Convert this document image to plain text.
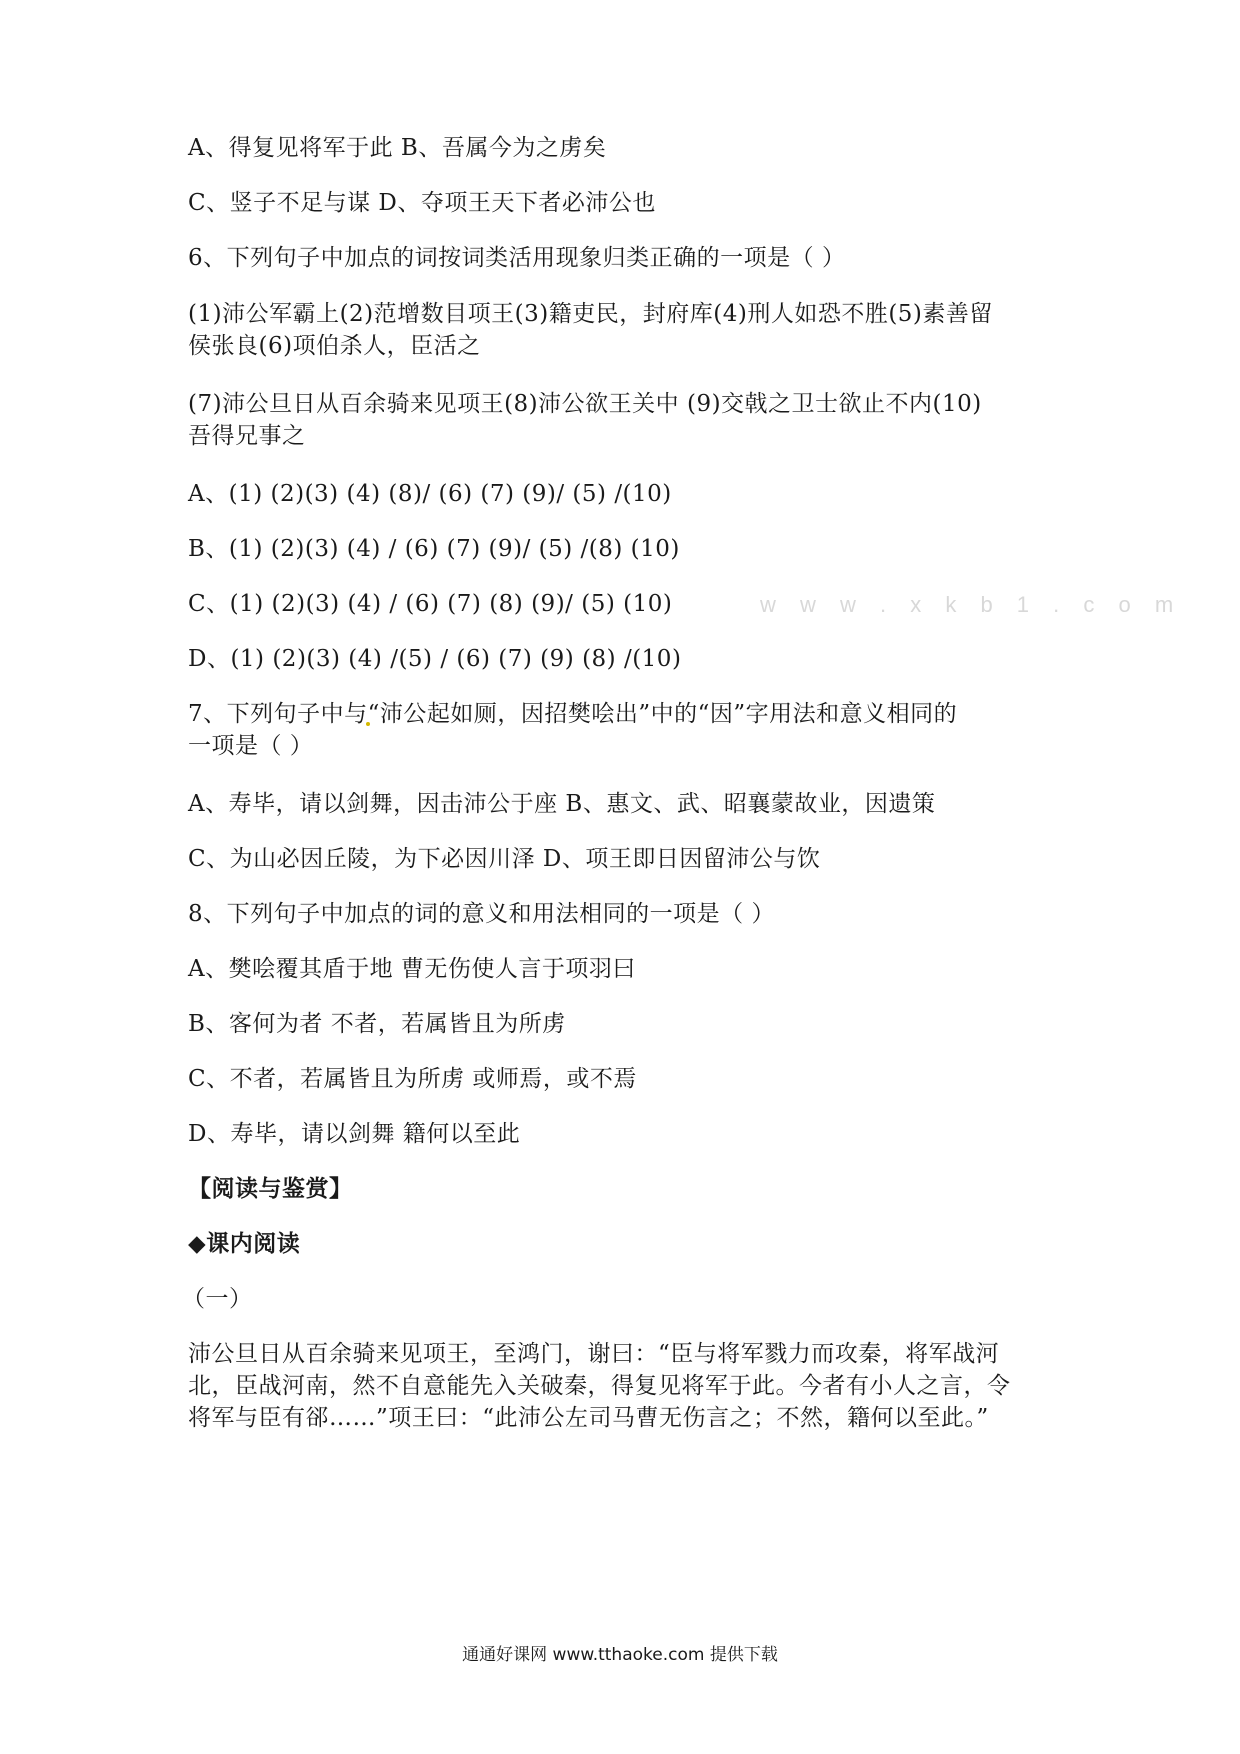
A、得复见将军于此 B、吾属今为之虏矣
C、竖子不足与谋 D、夺项王天下者必沛公也
6、下列句子中加点的词按词类活用现象归类正确的一项是（ ）
(1)沛公军霸上(2)范增数目项王(3)籍吏民，封府库(4)刑人如恐不胜(5)素善留
侯张良(6)项伯杀人，臣活之
(7)沛公旦日从百余骑来见项王(8)沛公欲王关中 (9)交戟之卫士欲止不内(10)
吾得兄事之
A、(1) (2)(3) (4) (8)/ (6) (7) (9)/ (5) /(10)
B、(1) (2)(3) (4) / (6) (7) (9)/ (5) /(8) (10)
w w w . x k b 1 . c o m
C、(1) (2)(3) (4) / (6) (7) (8) (9)/ (5) (10)
D、(1) (2)(3) (4) /(5) / (6) (7) (9) (8) /(10)
7、下列句子中与“沛公起如厕，因招樊哙出”中的“因”字用法和意义相同的
一项是（ ）
A、寿毕，请以剑舞，因击沛公于座 B、惠文、武、昭襄蒙故业，因遗策
C、为山必因丘陵，为下必因川泽 D、项王即日因留沛公与饮
8、下列句子中加点的词的意义和用法相同的一项是（ ）
A、樊哙覆其盾于地 曹无伤使人言于项羽曰
B、客何为者 不者，若属皆且为所虏
C、不者，若属皆且为所虏 或师焉，或不焉
D、寿毕，请以剑舞 籍何以至此
【阅读与鉴赏】
◆课内阅读
（一）
沛公旦日从百余骑来见项王，至鸿门，谢曰：“臣与将军戮力而攻秦，将军战河
北，臣战河南，然不自意能先入关破秦，得复见将军于此。今者有小人之言，令
将军与臣有郤……”项王曰：“此沛公左司马曹无伤言之；不然，籍何以至此。”
通通好课网 www.tthaoke.com 提供下载
